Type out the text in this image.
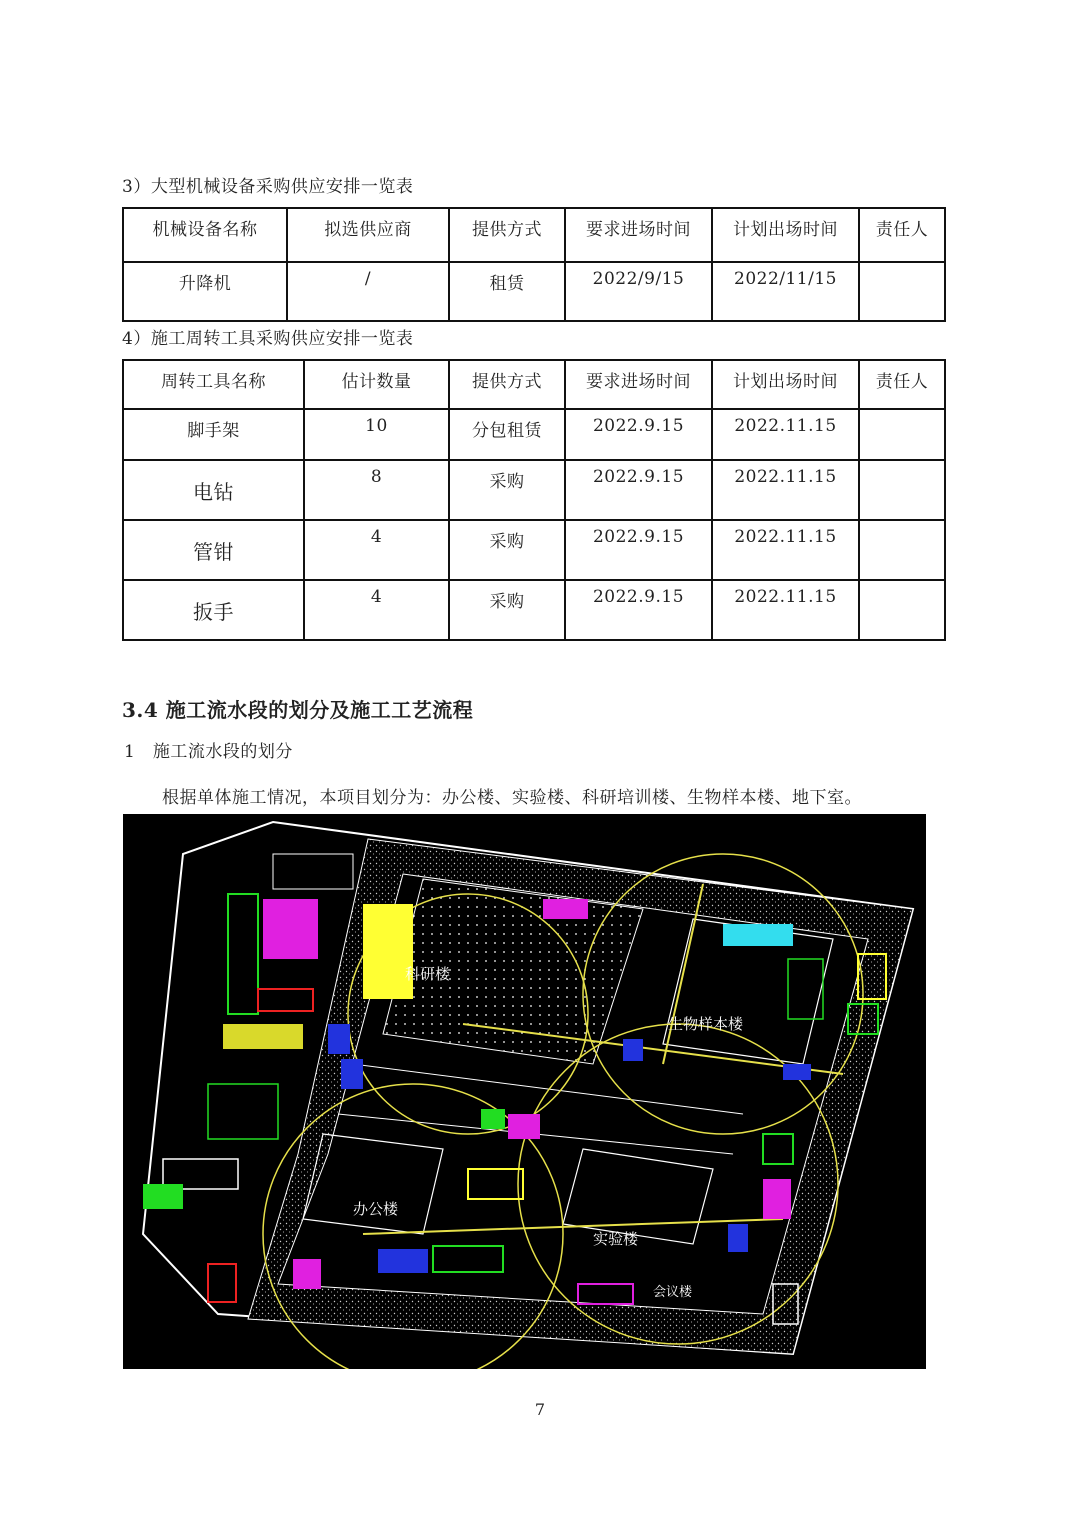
3）大型机械设备采购供应安排一览表
机械设备名称	拟选供应商	提供方式	要求进场时间	计划出场时间	责任人
升降机	/	租赁	2022/9/15	2022/11/15	
4）施工周转工具采购供应安排一览表
周转工具名称	估计数量	提供方式	要求进场时间	计划出场时间	责任人
脚手架	10	分包租赁	2022.9.15	2022.11.15	
电钻	8	采购	2022.9.15	2022.11.15	
管钳	4	采购	2022.9.15	2022.11.15	
扳手	4	采购	2022.9.15	2022.11.15	
3.4 施工流水段的划分及施工工艺流程
1　施工流水段的划分
根据单体施工情况，本项目划分为：办公楼、实验楼、科研培训楼、生物样本楼、地下室。
科研楼
生物样本楼
办公楼
实验楼
会议楼
7
